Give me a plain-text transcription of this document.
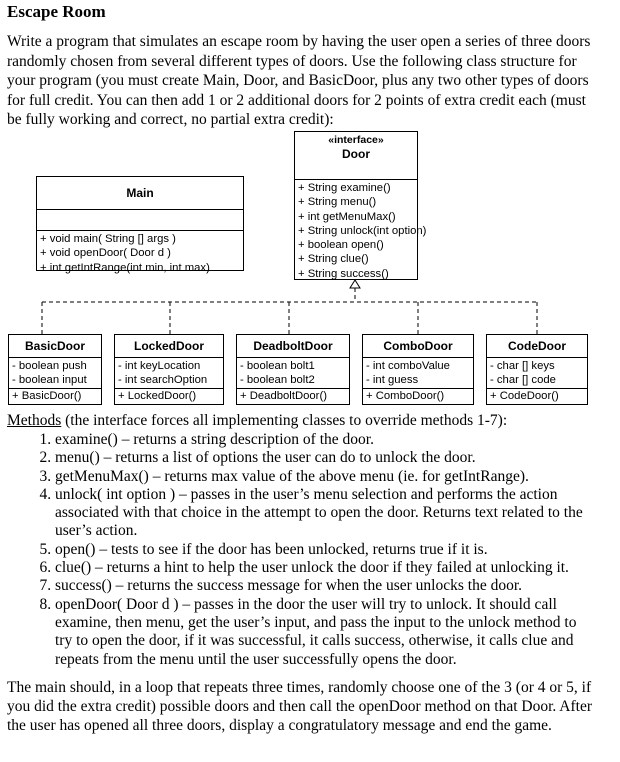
Escape Room
Write a program that simulates an escape room by having the user open a series of three doors randomly chosen from several different types of doors. Use the following class structure for your program (you must create Main, Door, and BasicDoor, plus any two other types of doors for full credit. You can then add 1 or 2 additional doors for 2 points of extra credit each (must be fully working and correct, no partial extra credit):
«interface»
Door
+ String examine()
+ String menu()
+ int getMenuMax()
+ String unlock(int option)
+ boolean open()
+ String clue()
+ String success()
Main
+ void main( String [] args )
+ void openDoor( Door d )
+ int getIntRange(int min, int max)
BasicDoor
- boolean push
- boolean input
+ BasicDoor()
LockedDoor
- int keyLocation
- int searchOption
+ LockedDoor()
DeadboltDoor
- boolean bolt1
- boolean bolt2
+ DeadboltDoor()
ComboDoor
- int comboValue
- int guess
+ ComboDoor()
CodeDoor
- char [] keys
- char [] code
+ CodeDoor()
Methods (the interface forces all implementing classes to override methods 1-7):
1. examine() – returns a string description of the door.
2. menu() – returns a list of options the user can do to unlock the door.
3. getMenuMax() – returns max value of the above menu (ie. for getIntRange).
4. unlock( int option ) – passes in the user’s menu selection and performs the action associated with that choice in the attempt to open the door. Returns text related to the user’s action.
5. open() – tests to see if the door has been unlocked, returns true if it is.
6. clue() – returns a hint to help the user unlock the door if they failed at unlocking it.
7. success() – returns the success message for when the user unlocks the door.
8. openDoor( Door d ) – passes in the door the user will try to unlock. It should call examine, then menu, get the user’s input, and pass the input to the unlock method to try to open the door, if it was successful, it calls success, otherwise, it calls clue and repeats from the menu until the user successfully opens the door.
The main should, in a loop that repeats three times, randomly choose one of the 3 (or 4 or 5, if you did the extra credit) possible doors and then call the openDoor method on that Door. After the user has opened all three doors, display a congratulatory message and end the game.
